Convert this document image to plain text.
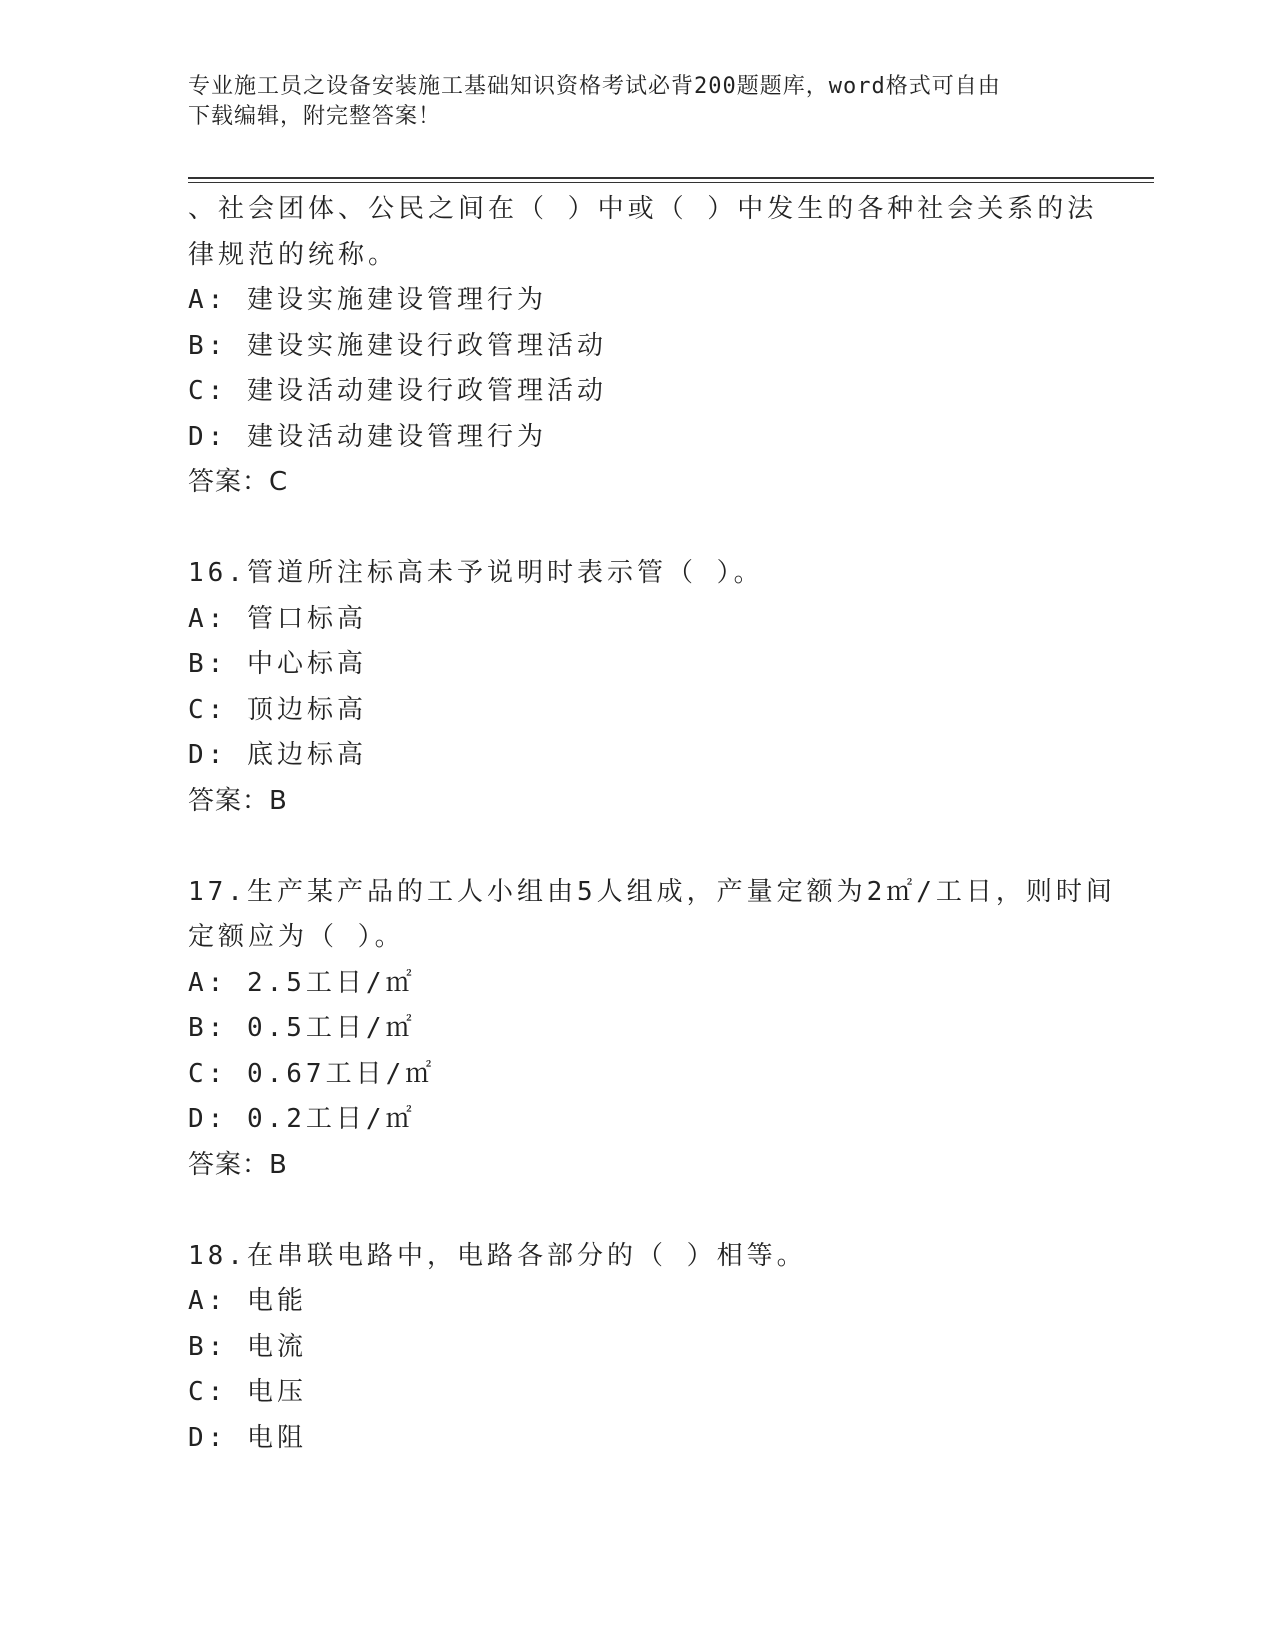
专业施工员之设备安装施工基础知识资格考试必背200题题库，word格式可自由
下载编辑，附完整答案！
、社会团体、公民之间在（ ）中或（ ）中发生的各种社会关系的法
律规范的统称。
A: 建设实施建设管理行为
B: 建设实施建设行政管理活动
C: 建设活动建设行政管理活动
D: 建设活动建设管理行为
答案：C
16.管道所注标高未予说明时表示管（ ）。
A: 管口标高
B: 中心标高
C: 顶边标高
D: 底边标高
答案：B
17.生产某产品的工人小组由5人组成，产量定额为2㎡/工日，则时间
定额应为（ ）。
A: 2.5工日/㎡
B: 0.5工日/㎡
C: 0.67工日/㎡
D: 0.2工日/㎡
答案：B
18.在串联电路中，电路各部分的（ ）相等。
A: 电能
B: 电流
C: 电压
D: 电阻
